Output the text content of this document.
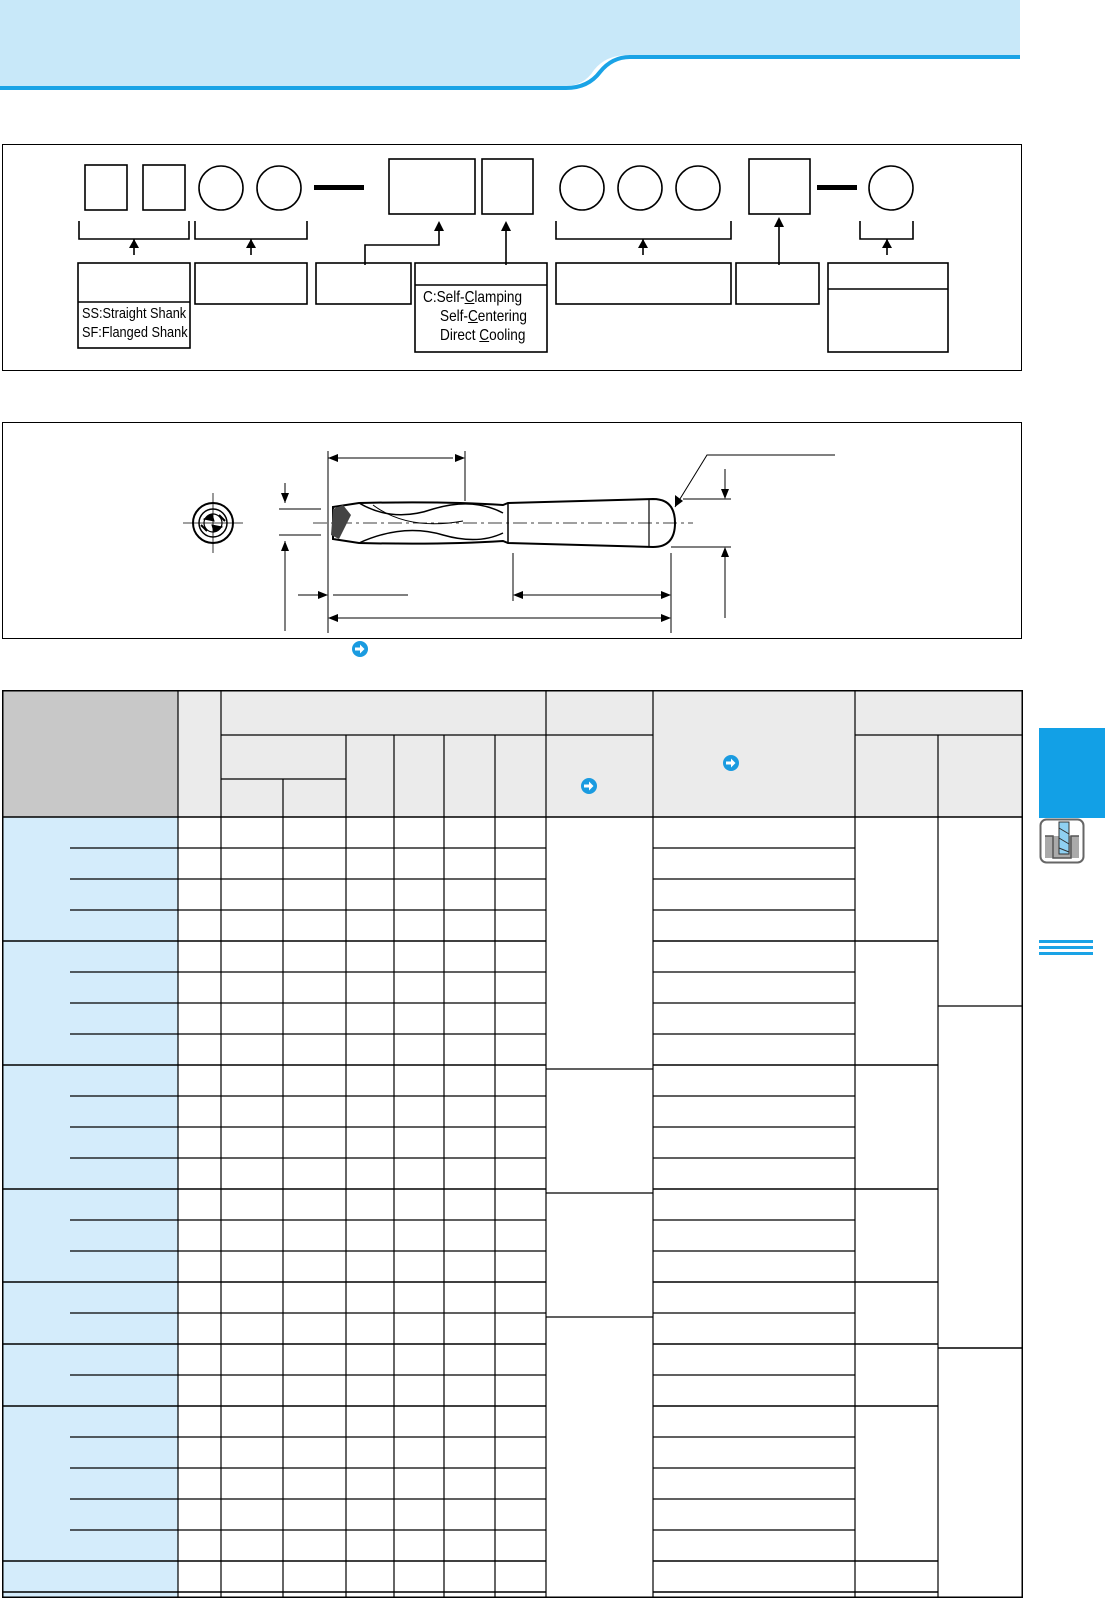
SS:Straight Shank
SF:Flanged Shank
C:Self-Clamping
Self-Centering
Direct Cooling
